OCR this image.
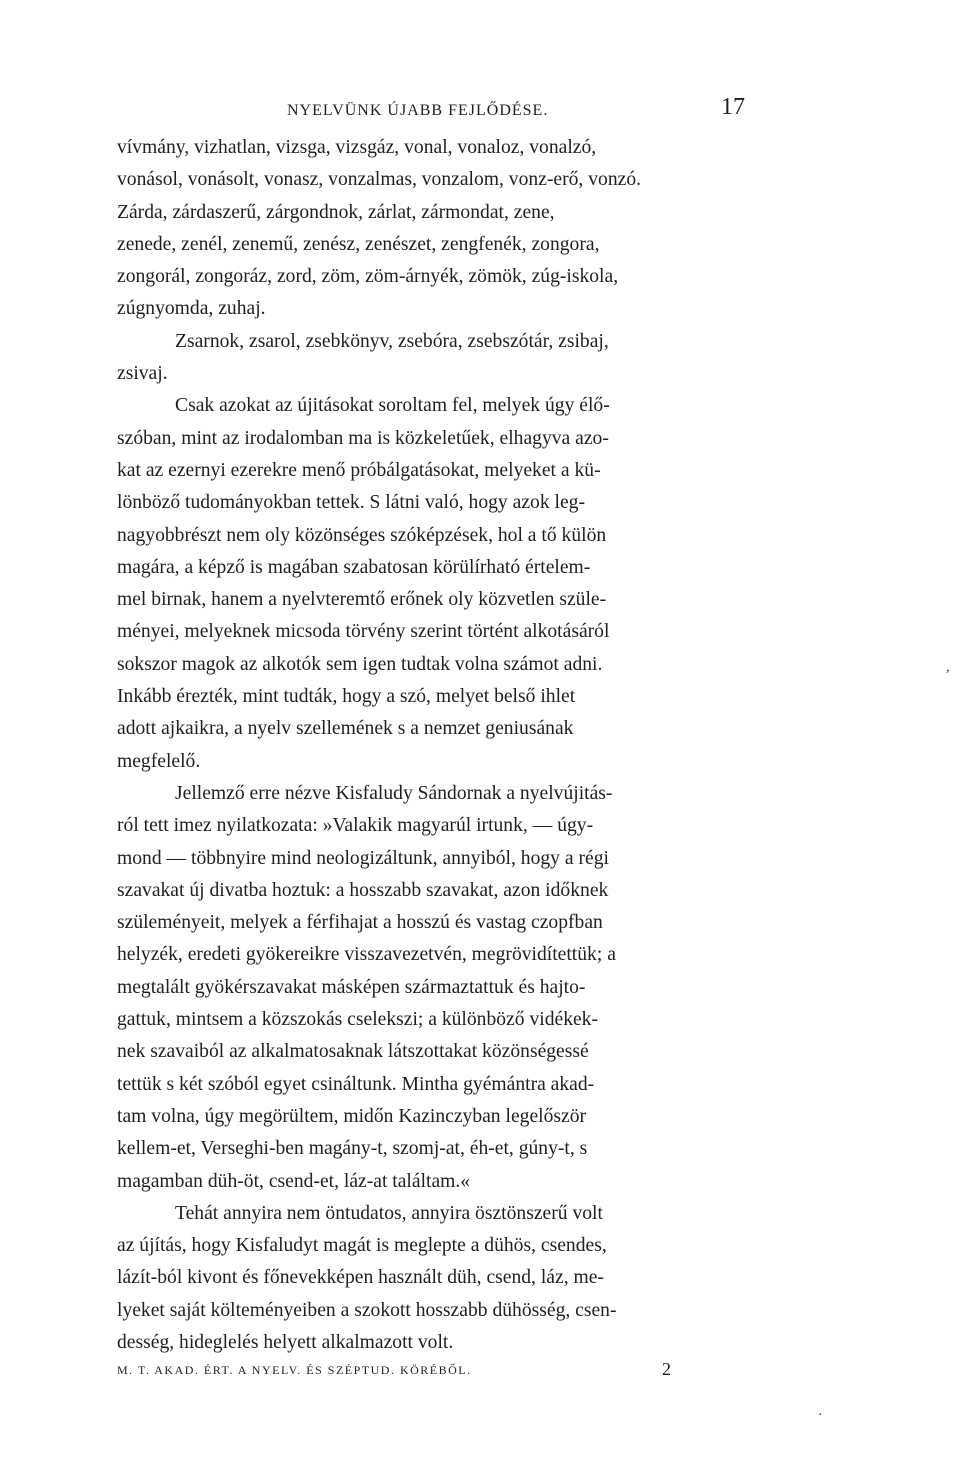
NYELVÜNK ÚJABB FEJLŐDÉSE.	17

vívmány, vizhatlan, vizsga, vizsgáz, vonal, vonaloz, vonalzó,
vonásol, vonásolt, vonasz, vonzalmas, vonzalom, vonz-erő, vonzó.
Zárda, zárdaszerű, zárgondnok, zárlat, zármondat, zene,
zenede, zenél, zenemű, zenész, zenészet, zengfenék, zongora,
zongorál, zongoráz, zord, zöm, zöm-árnyék, zömök, zúg-iskola,
zúgnyomda, zuhaj.

Zsarnok, zsarol, zsebkönyv, zsebóra, zsebszótár, zsibaj,
zsivaj.

Csak azokat az újitásokat soroltam fel, melyek úgy élő-
szóban, mint az irodalomban ma is közkeletűek, elhagyva azo-
kat az ezernyi ezerekre menő próbálgatásokat, melyeket a kü-
lönböző tudományokban tettek. S látni való, hogy azok leg-
nagyobbrészt nem oly közönséges szóképzések, hol a tő külön
magára, a képző is magában szabatosan körülírható értelem-
mel birnak, hanem a nyelvteremtő erőnek oly közvetlen szüle-
ményei, melyeknek micsoda törvény szerint történt alkotásáról
sokszor magok az alkotók sem igen tudtak volna számot adni.
Inkább érezték, mint tudták, hogy a szó, melyet belső ihlet
adott ajkaikra, a nyelv szellemének s a nemzet geniusának
megfelelő.

Jellemző erre nézve Kisfaludy Sándornak a nyelvújitás-
ról tett imez nyilatkozata: »Valakik magyarúl irtunk, — úgy-
mond — többnyire mind neologizáltunk, annyiból, hogy a régi
szavakat új divatba hoztuk: a hosszabb szavakat, azon időknek
szüleményeit, melyek a férfihajat a hosszú és vastag czopfban
helyzék, eredeti gyökereikre visszavezetvén, megrövidítettük; a
megtalált gyökérszavakat másképen származtattuk és hajto-
gattuk, mintsem a közszokás cselekszi; a különböző vidékek-
nek szavaiból az alkalmatosaknak látszottakat közönségessé
tettük s két szóból egyet csináltunk. Mintha gyémántra akad-
tam volna, úgy megörültem, midőn Kazinczyban legelőször
kellem-et, Verseghi-ben magány-t, szomj-at, éh-et, gúny-t, s
magamban düh-öt, csend-et, láz-at találtam.«

Tehát annyira nem öntudatos, annyira ösztönszerű volt
az újítás, hogy Kisfaludyt magát is meglepte a dühös, csendes,
lázít-ból kivont és főnevekképen használt düh, csend, láz, me-
lyeket saját költeményeiben a szokott hosszabb dühösség, csen-
desség, hideglelés helyett alkalmazott volt.

M. T. AKAD. ÉRT. A NYELV. ÉS SZÉPTUD. KÖRÉBŐL.	2
,
·
